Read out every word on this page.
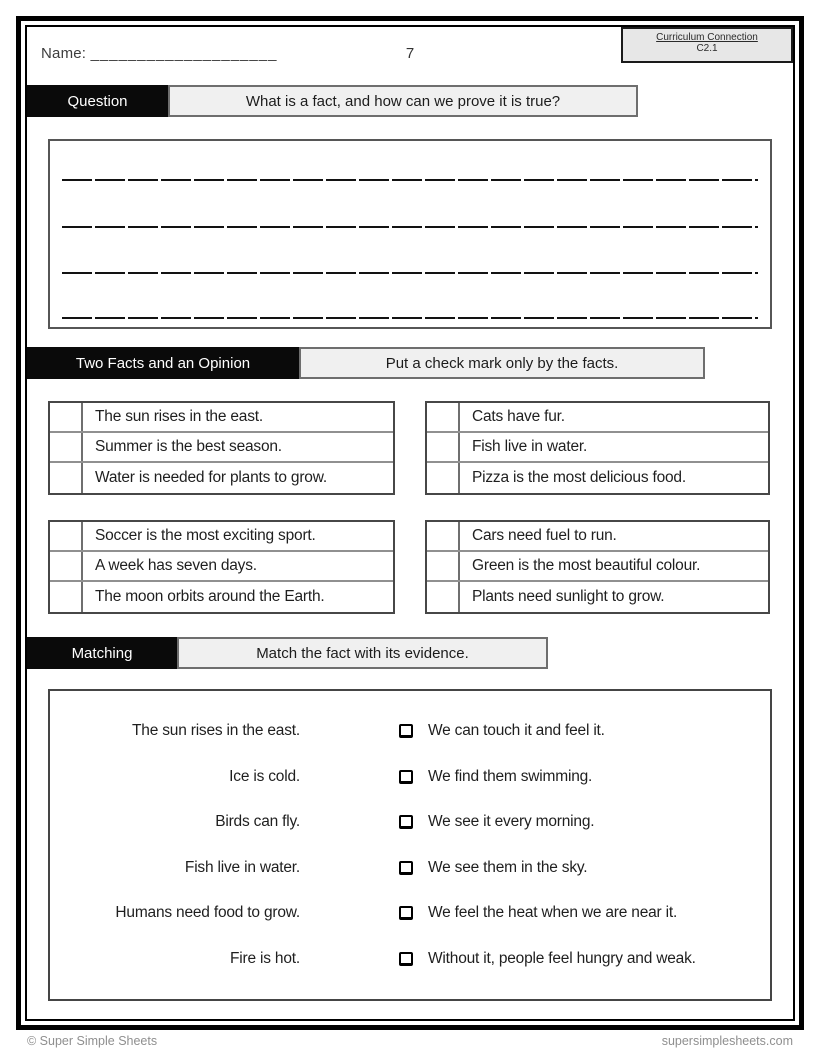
Name: ____________________	7
Curriculum Connection
C2.1
Question	What is a fact, and how can we prove it is true?
Two Facts and an Opinion	Put a check mark only by the facts.
The sun rises in the east.
Summer is the best season.
Water is needed for plants to grow.
Cats have fur.
Fish live in water.
Pizza is the most delicious food.
Soccer is the most exciting sport.
A week has seven days.
The moon orbits around the Earth.
Cars need fuel to run.
Green is the most beautiful colour.
Plants need sunlight to grow.
Matching	Match the fact with its evidence.
The sun rises in the east.	We can touch it and feel it.
Ice is cold.	We find them swimming.
Birds can fly.	We see it every morning.
Fish live in water.	We see them in the sky.
Humans need food to grow.	We feel the heat when we are near it.
Fire is hot.	Without it, people feel hungry and weak.
© Super Simple Sheets	supersimplesheets.com
